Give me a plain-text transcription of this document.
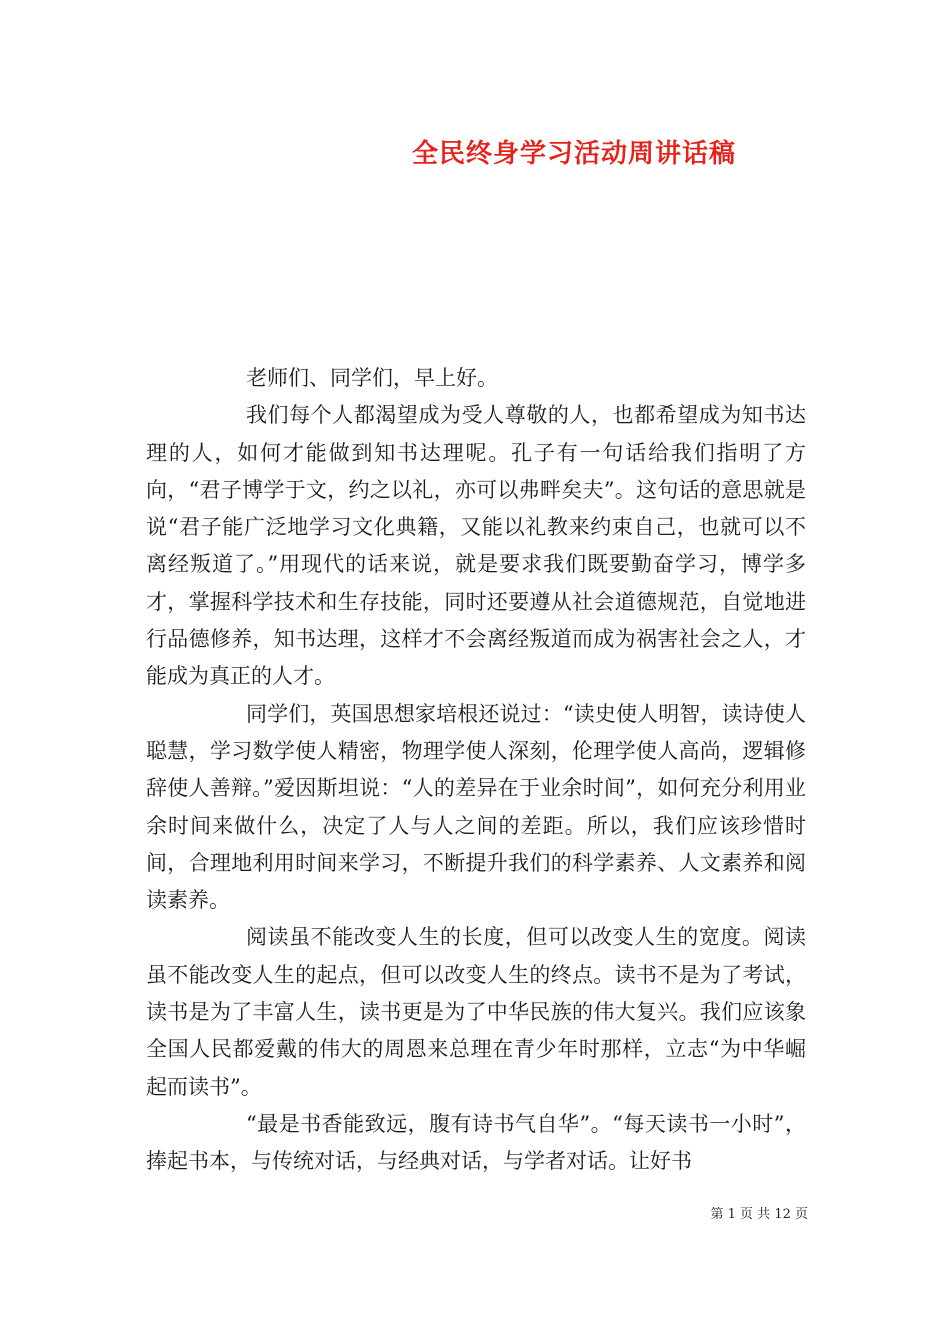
全民终身学习活动周讲话稿

老师们、同学们，早上好。

我们每个人都渴望成为受人尊敬的人，也都希望成为知书达理的人，如何才能做到知书达理呢。孔子有一句话给我们指明了方向，“君子博学于文，约之以礼，亦可以弗畔矣夫”。这句话的意思就是说“君子能广泛地学习文化典籍，又能以礼教来约束自己，也就可以不离经叛道了。”用现代的话来说，就是要求我们既要勤奋学习，博学多才，掌握科学技术和生存技能，同时还要遵从社会道德规范，自觉地进行品德修养，知书达理，这样才不会离经叛道而成为祸害社会之人，才能成为真正的人才。

同学们，英国思想家培根还说过：“读史使人明智，读诗使人聪慧，学习数学使人精密，物理学使人深刻，伦理学使人高尚，逻辑修辞使人善辩。”爱因斯坦说：“人的差异在于业余时间”，如何充分利用业余时间来做什么，决定了人与人之间的差距。所以，我们应该珍惜时间，合理地利用时间来学习，不断提升我们的科学素养、人文素养和阅读素养。

阅读虽不能改变人生的长度，但可以改变人生的宽度。阅读虽不能改变人生的起点，但可以改变人生的终点。读书不是为了考试，读书是为了丰富人生，读书更是为了中华民族的伟大复兴。我们应该象全国人民都爱戴的伟大的周恩来总理在青少年时那样，立志“为中华崛起而读书”。

“最是书香能致远，腹有诗书气自华”。“每天读书一小时”，捧起书本，与传统对话，与经典对话，与学者对话。让好书

第 1 页 共 12 页
